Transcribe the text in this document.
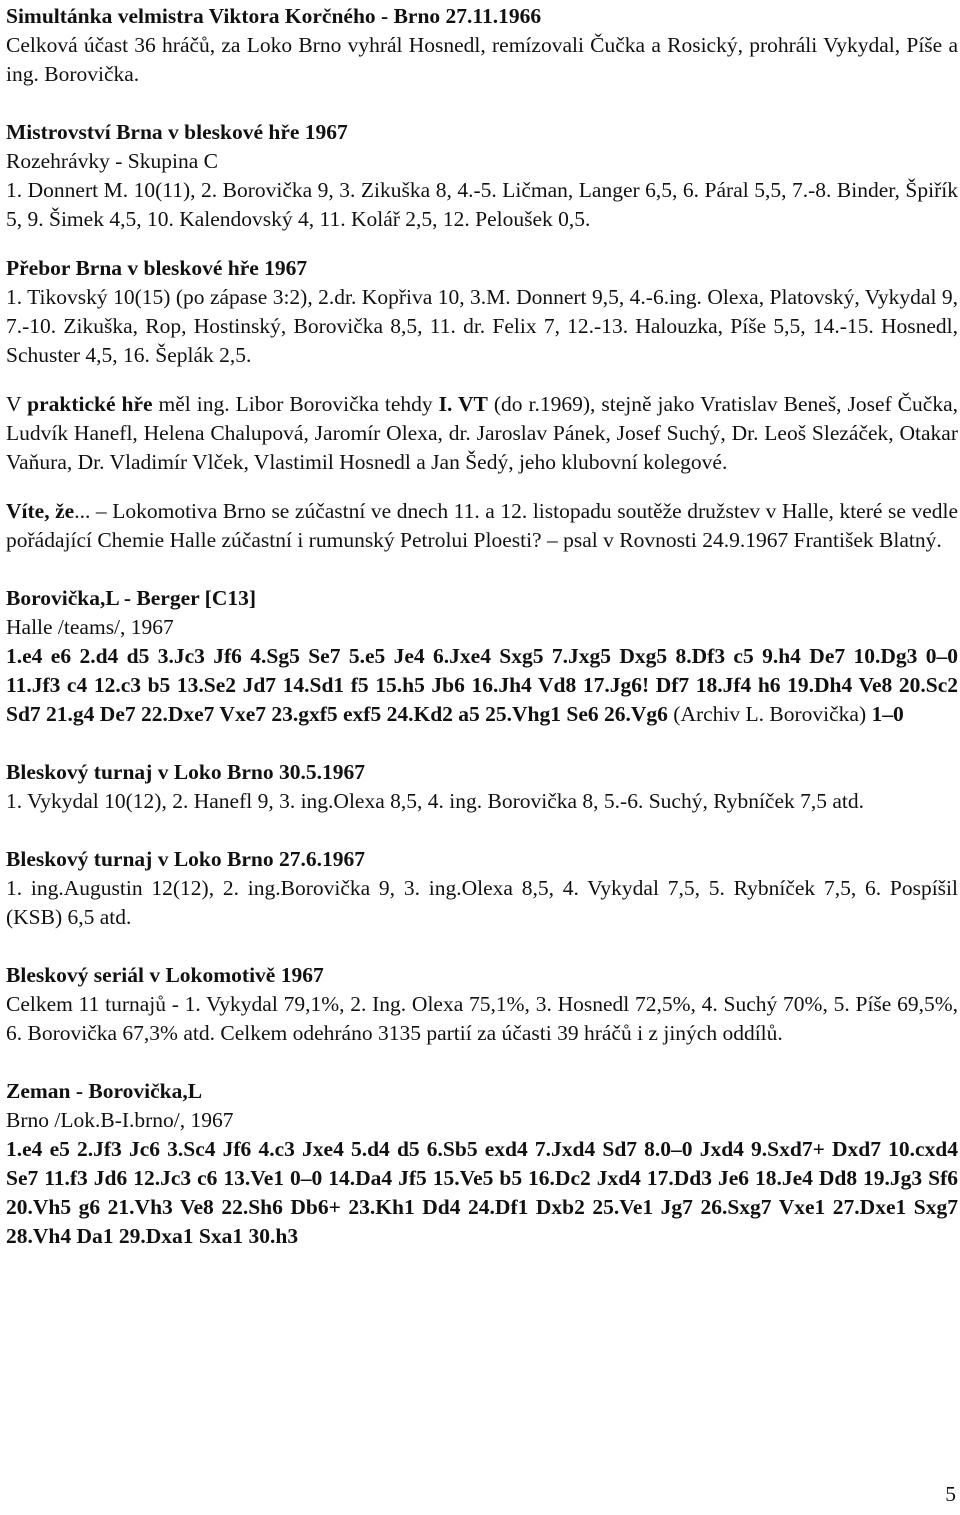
Simultánka velmistra Viktora Korčného - Brno 27.11.1966

Celková účast 36 hráčů, za Loko Brno vyhrál Hosnedl, remízovali Čučka a Rosický, prohráli Vykydal, Píše a ing. Borovička.

Mistrovství Brna v bleskové hře 1967

Rozehrávky - Skupina C

1. Donnert M. 10(11), 2. Borovička 9, 3. Zikuška 8, 4.-5. Ličman, Langer 6,5, 6. Páral 5,5, 7.-8. Binder, Špiřík 5, 9. Šimek 4,5, 10. Kalendovský 4, 11. Kolář 2,5, 12. Peloušek 0,5.

Přebor Brna v bleskové hře 1967

1. Tikovský 10(15) (po zápase 3:2), 2.dr. Kopřiva 10, 3.M. Donnert 9,5, 4.-6.ing. Olexa, Platovský, Vykydal 9, 7.-10. Zikuška, Rop, Hostinský, Borovička 8,5, 11. dr. Felix 7, 12.-13. Halouzka, Píše 5,5, 14.-15. Hosnedl, Schuster 4,5, 16. Šeplák 2,5.

V praktické hře měl ing. Libor Borovička tehdy I. VT (do r.1969), stejně jako Vratislav Beneš, Josef Čučka, Ludvík Hanefl, Helena Chalupová, Jaromír Olexa, dr. Jaroslav Pánek, Josef Suchý, Dr. Leoš Slezáček, Otakar Vaňura, Dr. Vladimír Vlček, Vlastimil Hosnedl a Jan Šedý, jeho klubovní kolegové.

Víte, že... – Lokomotiva Brno se zúčastní ve dnech 11. a 12. listopadu soutěže družstev v Halle, které se vedle pořádající Chemie Halle zúčastní i rumunský Petrolui Ploesti? – psal v Rovnosti 24.9.1967 František Blatný.

Borovička,L - Berger [C13]

Halle /teams/, 1967

1.e4 e6 2.d4 d5 3.Jc3 Jf6 4.Sg5 Se7 5.e5 Je4 6.Jxe4 Sxg5 7.Jxg5 Dxg5 8.Df3 c5 9.h4 De7 10.Dg3 0–0 11.Jf3 c4 12.c3 b5 13.Se2 Jd7 14.Sd1 f5 15.h5 Jb6 16.Jh4 Vd8 17.Jg6! Df7 18.Jf4 h6 19.Dh4 Ve8 20.Sc2 Sd7 21.g4 De7 22.Dxe7 Vxe7 23.gxf5 exf5 24.Kd2 a5 25.Vhg1 Se6 26.Vg6 (Archiv L. Borovička) 1–0

Bleskový turnaj v Loko Brno 30.5.1967

1. Vykydal 10(12), 2. Hanefl 9, 3. ing.Olexa 8,5, 4. ing. Borovička 8, 5.-6. Suchý, Rybníček 7,5 atd.

Bleskový turnaj v Loko Brno 27.6.1967

1. ing.Augustin 12(12), 2. ing.Borovička 9, 3. ing.Olexa 8,5, 4. Vykydal 7,5, 5. Rybníček 7,5, 6. Pospíšil (KSB) 6,5 atd.

Bleskový seriál v Lokomotivě 1967

Celkem 11 turnajů - 1. Vykydal 79,1%, 2. Ing. Olexa 75,1%, 3. Hosnedl 72,5%, 4. Suchý 70%, 5. Píše 69,5%, 6. Borovička 67,3% atd. Celkem odehráno 3135 partií za účasti 39 hráčů i z jiných oddílů.

Zeman - Borovička,L

Brno /Lok.B-I.brno/, 1967

1.e4 e5 2.Jf3 Jc6 3.Sc4 Jf6 4.c3 Jxe4 5.d4 d5 6.Sb5 exd4 7.Jxd4 Sd7 8.0–0 Jxd4 9.Sxd7+ Dxd7 10.cxd4 Se7 11.f3 Jd6 12.Jc3 c6 13.Ve1 0–0 14.Da4 Jf5 15.Ve5 b5 16.Dc2 Jxd4 17.Dd3 Je6 18.Je4 Dd8 19.Jg3 Sf6 20.Vh5 g6 21.Vh3 Ve8 22.Sh6 Db6+ 23.Kh1 Dd4 24.Df1 Dxb2 25.Ve1 Jg7 26.Sxg7 Vxe1 27.Dxe1 Sxg7 28.Vh4 Da1 29.Dxa1 Sxa1 30.h3

5
